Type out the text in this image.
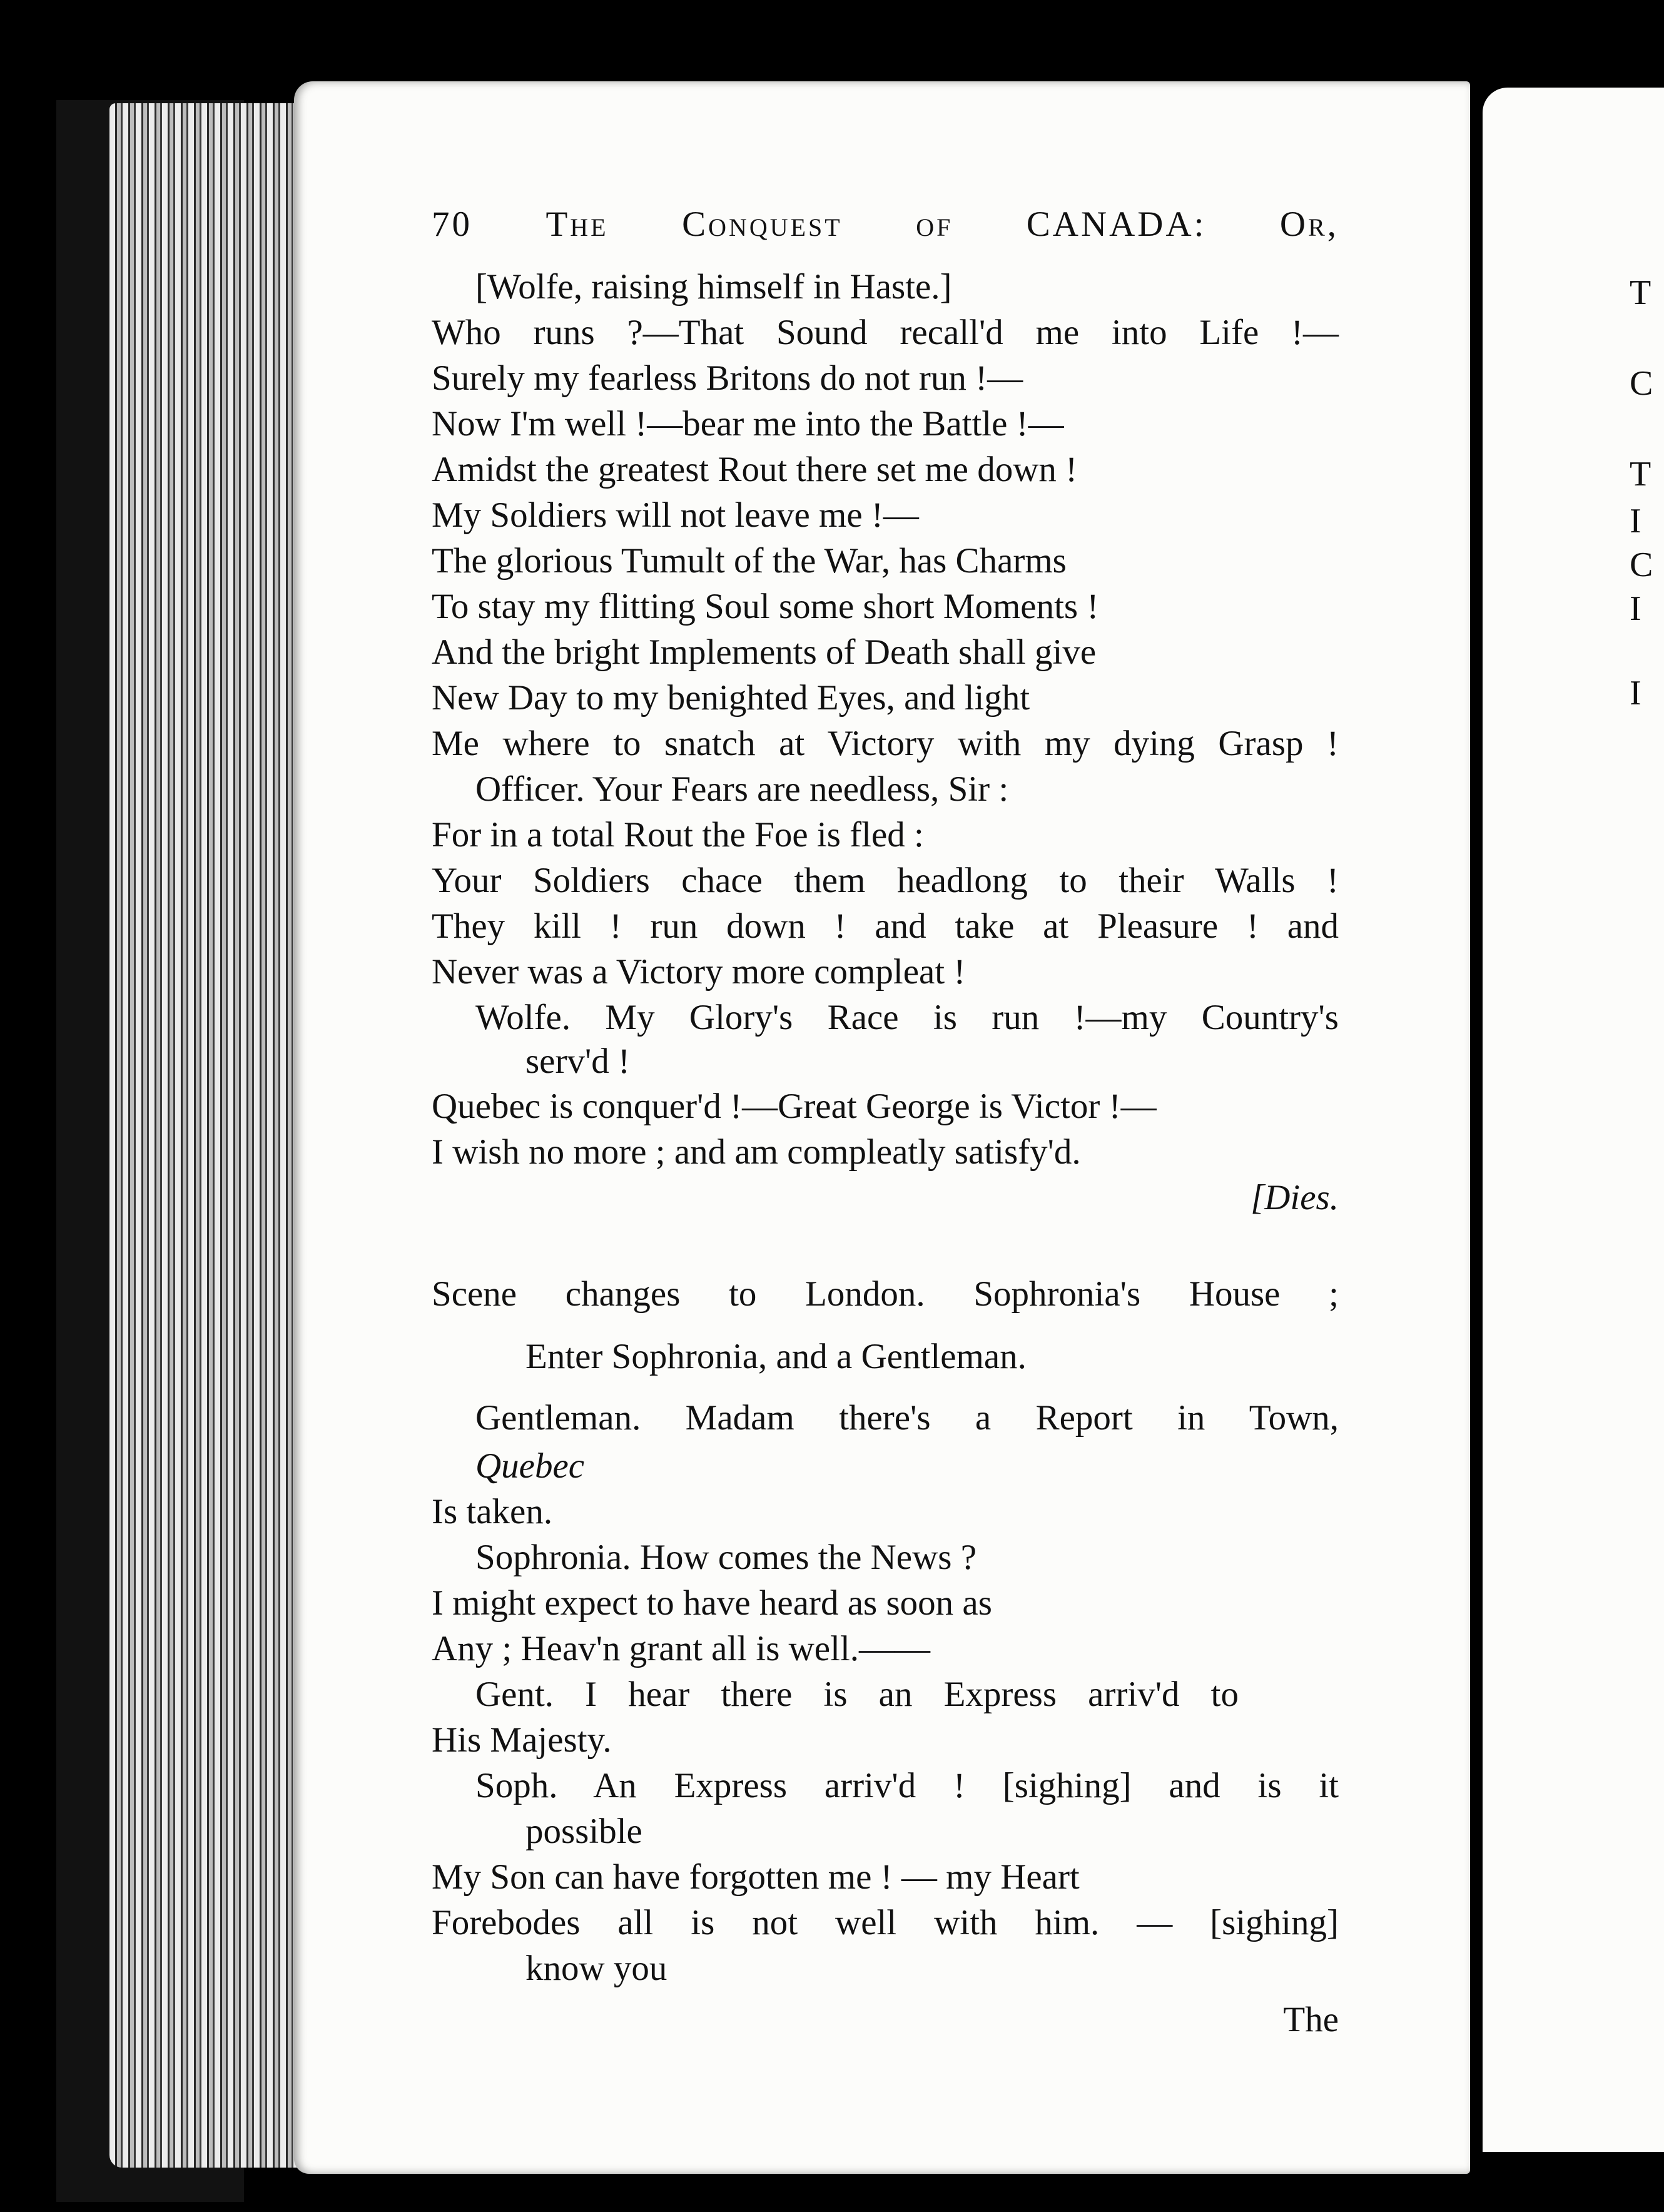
T
C
T
I
C
I
I
70 The Conquest of CANADA: Or,
[Wolfe, raising himself in Haste.]
Who runs ?—That Sound recall'd me into Life !—
Surely my fearless Britons do not run !—
Now I'm well !—bear me into the Battle !—
Amidst the greatest Rout there set me down !
My Soldiers will not leave me !—
The glorious Tumult of the War, has Charms
To stay my flitting Soul some short Moments !
And the bright Implements of Death shall give
New Day to my benighted Eyes, and light
Me where to snatch at Victory with my dying Grasp !
Officer. Your Fears are needless, Sir :
For in a total Rout the Foe is fled :
Your Soldiers chace them headlong to their Walls !
They kill ! run down ! and take at Pleasure ! and
Never was a Victory more compleat !
Wolfe. My Glory's Race is run !—my Country's
serv'd !
Quebec is conquer'd !—Great George is Victor !—
I wish no more ; and am compleatly satisfy'd.
[Dies.
Scene changes to London. Sophronia's House ;
Enter Sophronia, and a Gentleman.
Gentleman. Madam there's a Report in Town,
Quebec
Is taken.
Sophronia. How comes the News ?
I might expect to have heard as soon as
Any ; Heav'n grant all is well.——
Gent. I hear there is an Express arriv'd to
His Majesty.
Soph. An Express arriv'd ! [sighing] and is it
possible
My Son can have forgotten me ! — my Heart
Forebodes all is not well with him. — [sighing]
know you
The
